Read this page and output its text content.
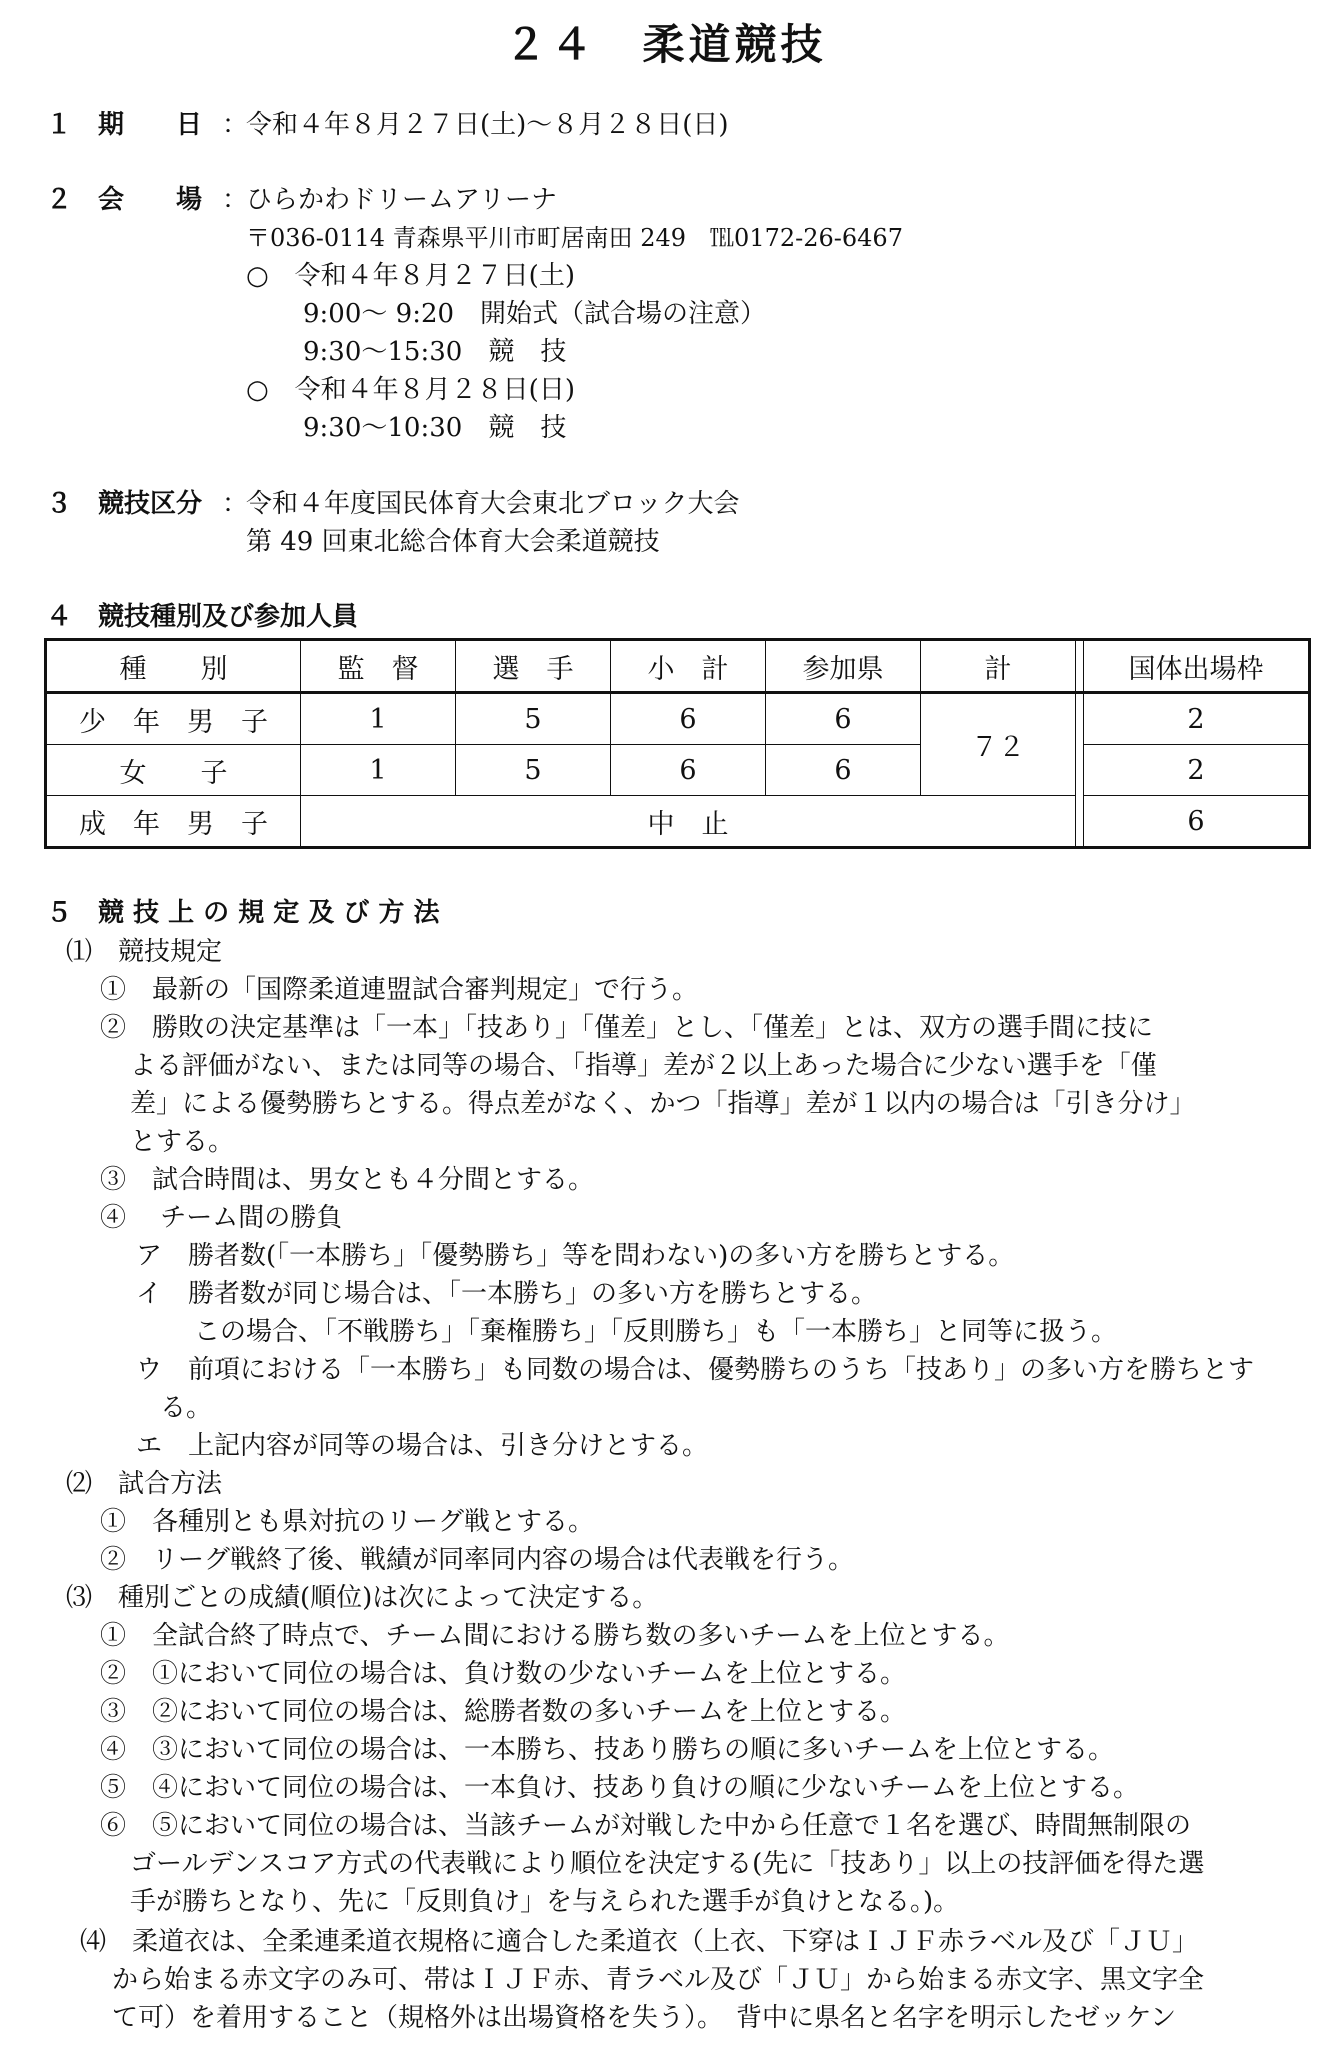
２４　柔道競技
１ 期　　日 ：
令和４年８月２７日(土)～８月２８日(日)
２ 会　　場 ：
ひらかわドリームアリーナ
〒036-0114 青森県平川市町居南田 249　℡0172-26-6467
○　令和４年８月２７日(土)
9:00～ 9:20　開始式（試合場の注意）
9:30～15:30　競　技
○　令和４年８月２８日(日)
9:30～10:30　競　技
３ 競技区分 ：
令和４年度国民体育大会東北ブロック大会
第 49 回東北総合体育大会柔道競技
４ 競技種別及び参加人員
種　　別	監　督	選　手	小　計	参加県	計		国体出場枠
少　年　男　子	1	5	6	6	７２		2
女　　子	1	5	6	6			2
成　年　男　子	中　止						6
５ 競 技 上 の 規 定 及 び 方 法
⑴　競技規定
①　最新の「国際柔道連盟試合審判規定」で行う。
②　勝敗の決定基準は「一本」「技あり」「僅差」とし、「僅差」とは、双方の選手間に技に
よる評価がない、または同等の場合、「指導」差が２以上あった場合に少ない選手を「僅
差」による優勢勝ちとする。得点差がなく、かつ「指導」差が１以内の場合は「引き分け」
とする。
③　試合時間は、男女とも４分間とする。
④　 チーム間の勝負
ア　勝者数(「一本勝ち」「優勢勝ち」等を問わない)の多い方を勝ちとする。
イ　勝者数が同じ場合は、「一本勝ち」の多い方を勝ちとする。
この場合、「不戦勝ち」「棄権勝ち」「反則勝ち」も「一本勝ち」と同等に扱う。
ウ　前項における「一本勝ち」も同数の場合は、優勢勝ちのうち「技あり」の多い方を勝ちとす
る。
エ　上記内容が同等の場合は、引き分けとする。
⑵　試合方法
①　各種別とも県対抗のリーグ戦とする。
②　リーグ戦終了後、戦績が同率同内容の場合は代表戦を行う。
⑶　種別ごとの成績(順位)は次によって決定する。
①　全試合終了時点で、チーム間における勝ち数の多いチームを上位とする。
②　①において同位の場合は、負け数の少ないチームを上位とする。
③　②において同位の場合は、総勝者数の多いチームを上位とする。
④　③において同位の場合は、一本勝ち、技あり勝ちの順に多いチームを上位とする。
⑤　④において同位の場合は、一本負け、技あり負けの順に少ないチームを上位とする。
⑥　⑤において同位の場合は、当該チームが対戦した中から任意で１名を選び、時間無制限の
ゴールデンスコア方式の代表戦により順位を決定する(先に「技あり」以上の技評価を得た選
手が勝ちとなり、先に「反則負け」を与えられた選手が負けとなる。)。
⑷　柔道衣は、全柔連柔道衣規格に適合した柔道衣（上衣、下穿はＩＪＦ赤ラベル及び「ＪＵ」
から始まる赤文字のみ可、帯はＩＪＦ赤、青ラベル及び「ＪＵ」から始まる赤文字、黒文字全
て可）を着用すること（規格外は出場資格を失う）。　背中に県名と名字を明示したゼッケン
